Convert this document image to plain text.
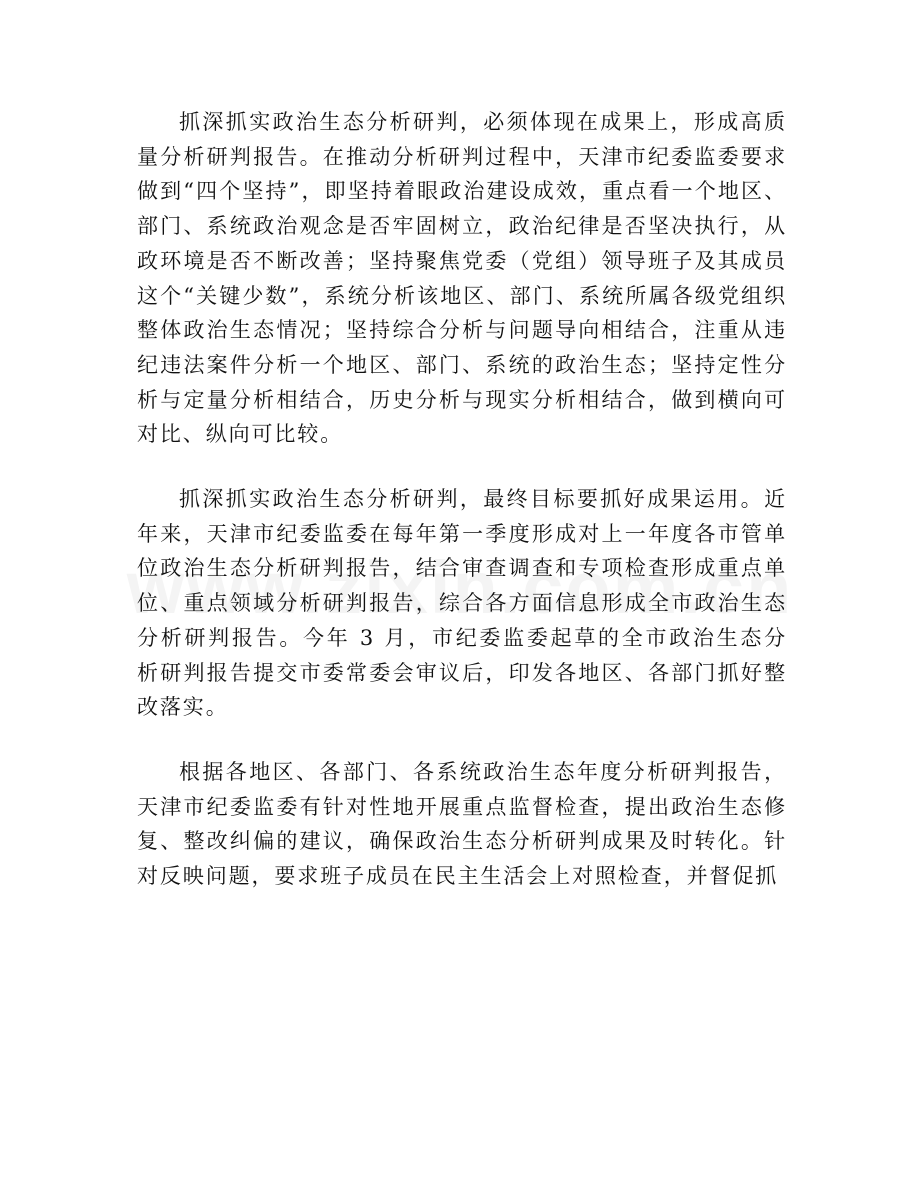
抓深抓实政治生态分析研判，必须体现在成果上，形成高质量分析研判报告。在推动分析研判过程中，天津市纪委监委要求做到“四个坚持”，即坚持着眼政治建设成效，重点看一个地区、部门、系统政治观念是否牢固树立，政治纪律是否坚决执行，从政环境是否不断改善；坚持聚焦党委（党组）领导班子及其成员这个“关键少数”，系统分析该地区、部门、系统所属各级党组织整体政治生态情况；坚持综合分析与问题导向相结合，注重从违纪违法案件分析一个地区、部门、系统的政治生态；坚持定性分析与定量分析相结合，历史分析与现实分析相结合，做到横向可对比、纵向可比较。

抓深抓实政治生态分析研判，最终目标要抓好成果运用。近年来，天津市纪委监委在每年第一季度形成对上一年度各市管单位政治生态分析研判报告，结合审查调查和专项检查形成重点单位、重点领域分析研判报告，综合各方面信息形成全市政治生态分析研判报告。今年 3 月，市纪委监委起草的全市政治生态分析研判报告提交市委常委会审议后，印发各地区、各部门抓好整改落实。

根据各地区、各部门、各系统政治生态年度分析研判报告，天津市纪委监委有针对性地开展重点监督检查，提出政治生态修复、整改纠偏的建议，确保政治生态分析研判成果及时转化。针对反映问题，要求班子成员在民主生活会上对照检查，并督促抓
